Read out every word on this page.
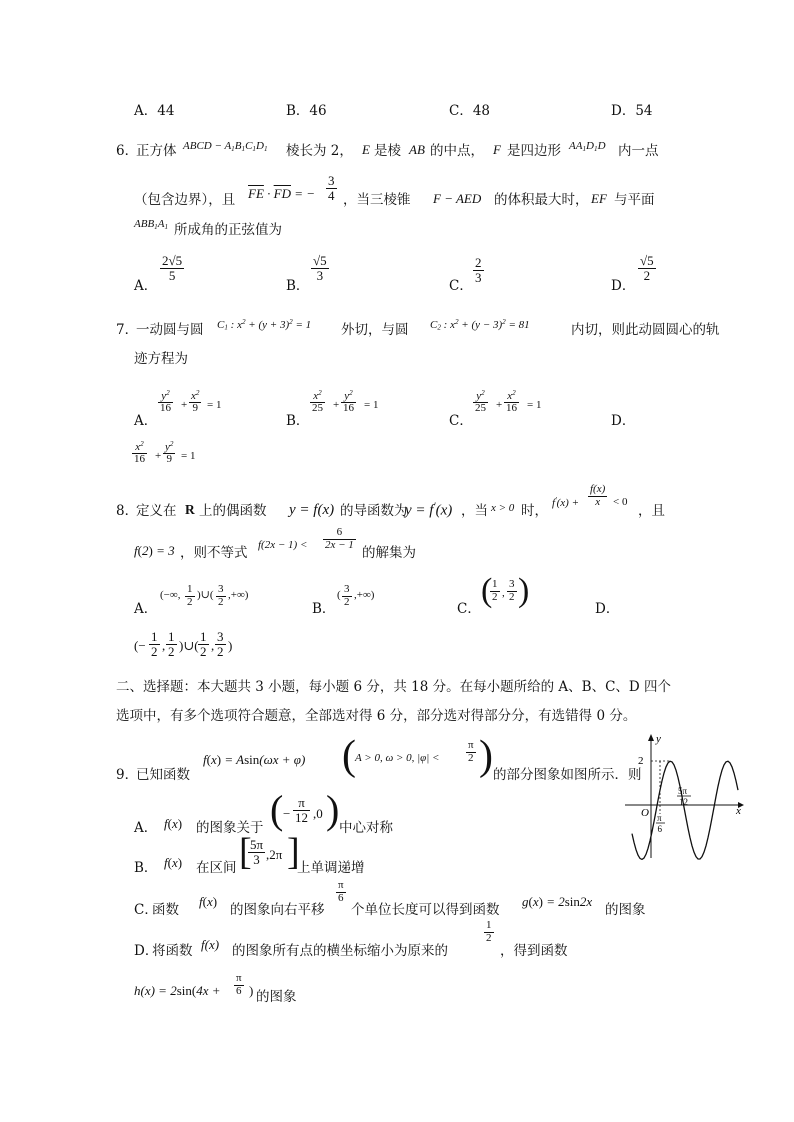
A．44	B．46	C．48	D．54
6．
正方体 ABCD − $A_1B_1C_1D_1$ 棱长为 2， E 是棱 AB 的中点， F 是四边形 $AA_1D_1D$ 内一点
（包含边界），且 $\overline{FE} \cdot \overline{FD}$ = − $\frac{3}{4}$ ，当三棱锥 F − AED 的体积最大时， EF 与平面
$ABB_1A_1$ 所成角的正弦值为
A．
$\frac{2√5}{5}$
B．
$\frac{√5}{3}$
C．
$\frac{2}{3}$
D．
$\frac{√5}{2}$
7．
一动圆与圆 $C_1$ : $x^2 + (y + 3)^2 = 1$ 外切，与圆 $C_2$ : $x^2 + (y - 3)^2 = 81$	内切，则此动圆圆心的轨
迹方程为
A．
$\frac{y^2}{16} + \frac{x^2}{9} = 1$
B．
$\frac{x^2}{25} + \frac{y^2}{16} = 1$
C．
$\frac{y^2}{25} + \frac{x^2}{16} = 1$
D．
$\frac{x^2}{16} + \frac{y^2}{9} = 1$
8．
定义在 R 上的偶函数 y = f(x) 的导函数为
y = f′(x) ，当 x > 0 时，
$f'(x) + \frac{f(x)}{x} < 0$
，且
f(2) = 3 ，则不等式 $f(2x - 1) < \frac{6}{2x - 1}$
的解集为
A．
(−∞, $\frac{1}{2}$ )∪( $\frac{3}{2}$ ,+∞)
B．
( $\frac{3}{2}$ ,+∞)
C． (
$\frac{1}{2}$ , $\frac{3}{2}$ )	D．
(− $\frac{1}{2}$ , $\frac{1}{2}$ )∪( $\frac{1}{2}$ , $\frac{3}{2}$ )
二、选择题：本大题共 3 小题，每小题 6 分，共 18 分。在每小题所给的 A、B、C、D 四个
选项中，有多个选项符合题意，全部选对得 6 分，部分选对得部分分，有选错得 0 分。
9．
已知函数
f(x) = Asin(ωx + φ) ( A > 0, ω > 0, $|\varphi| < \frac{\pi}{2}$ ) 的部分图象如图所示．则
A． f(x) 的图象关于 ( − $\frac{\pi}{12} ,0$ ) 中心对称
B． f(x) 在区间 [
$\frac{5\pi}{3} ,2\pi$ ]
上单调递增
C．
函数
f(x)
的图象向右平移
$\frac{\pi}{6}$
个单位长度可以得到函数
g(x) = 2sin2x
的图象
D．
将函数 f(x) 的图象所有点的横坐标缩小为原来的
$\frac{1}{2}$
，得到函数
$h(x) = 2\sin(4x + \frac{\pi}{6}$ ) 的图象
2
y
x
O π
6
5π
12
